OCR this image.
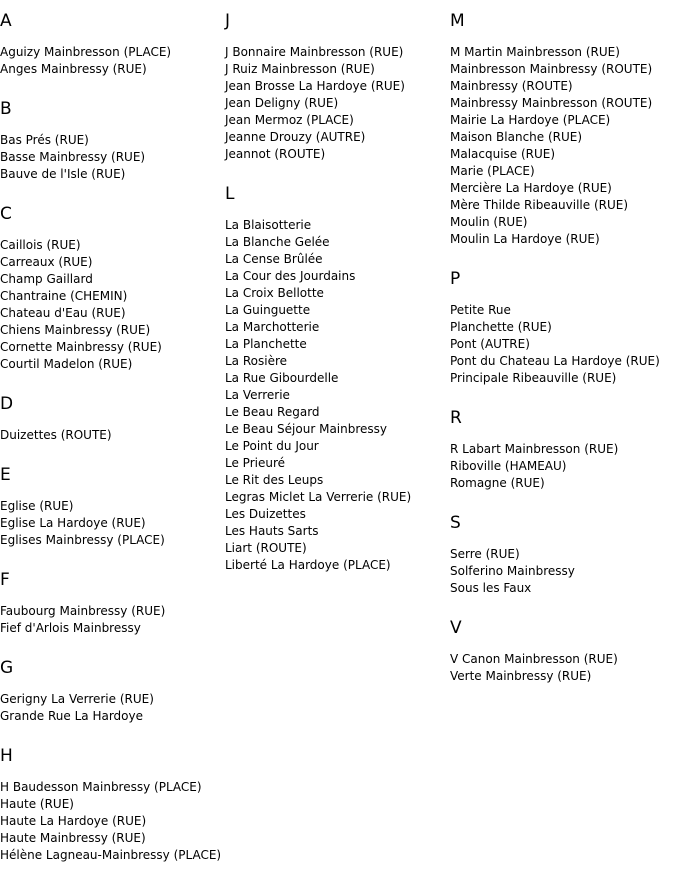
A
Aguizy Mainbresson (PLACE)
Anges Mainbressy (RUE)
B
Bas Prés (RUE)
Basse Mainbressy (RUE)
Bauve de l'Isle (RUE)
C
Caillois (RUE)
Carreaux (RUE)
Champ Gaillard
Chantraine (CHEMIN)
Chateau d'Eau (RUE)
Chiens Mainbressy (RUE)
Cornette Mainbressy (RUE)
Courtil Madelon (RUE)
D
Duizettes (ROUTE)
E
Eglise (RUE)
Eglise La Hardoye (RUE)
Eglises Mainbressy (PLACE)
F
Faubourg Mainbressy (RUE)
Fief d'Arlois Mainbressy
G
Gerigny La Verrerie (RUE)
Grande Rue La Hardoye
H
H Baudesson Mainbressy (PLACE)
Haute (RUE)
Haute La Hardoye (RUE)
Haute Mainbressy (RUE)
Hélène Lagneau-Mainbressy (PLACE)
J
J Bonnaire Mainbresson (RUE)
J Ruiz Mainbresson (RUE)
Jean Brosse La Hardoye (RUE)
Jean Deligny (RUE)
Jean Mermoz (PLACE)
Jeanne Drouzy (AUTRE)
Jeannot (ROUTE)
L
La Blaisotterie
La Blanche Gelée
La Cense Brûlée
La Cour des Jourdains
La Croix Bellotte
La Guinguette
La Marchotterie
La Planchette
La Rosière
La Rue Gibourdelle
La Verrerie
Le Beau Regard
Le Beau Séjour Mainbressy
Le Point du Jour
Le Prieuré
Le Rit des Leups
Legras Miclet La Verrerie (RUE)
Les Duizettes
Les Hauts Sarts
Liart (ROUTE)
Liberté La Hardoye (PLACE)
M
M Martin Mainbresson (RUE)
Mainbresson Mainbressy (ROUTE)
Mainbressy (ROUTE)
Mainbressy Mainbresson (ROUTE)
Mairie La Hardoye (PLACE)
Maison Blanche (RUE)
Malacquise (RUE)
Marie (PLACE)
Mercière La Hardoye (RUE)
Mère Thilde Ribeauville (RUE)
Moulin (RUE)
Moulin La Hardoye (RUE)
P
Petite Rue
Planchette (RUE)
Pont (AUTRE)
Pont du Chateau La Hardoye (RUE)
Principale Ribeauville (RUE)
R
R Labart Mainbresson (RUE)
Riboville (HAMEAU)
Romagne (RUE)
S
Serre (RUE)
Solferino Mainbressy
Sous les Faux
V
V Canon Mainbresson (RUE)
Verte Mainbressy (RUE)
